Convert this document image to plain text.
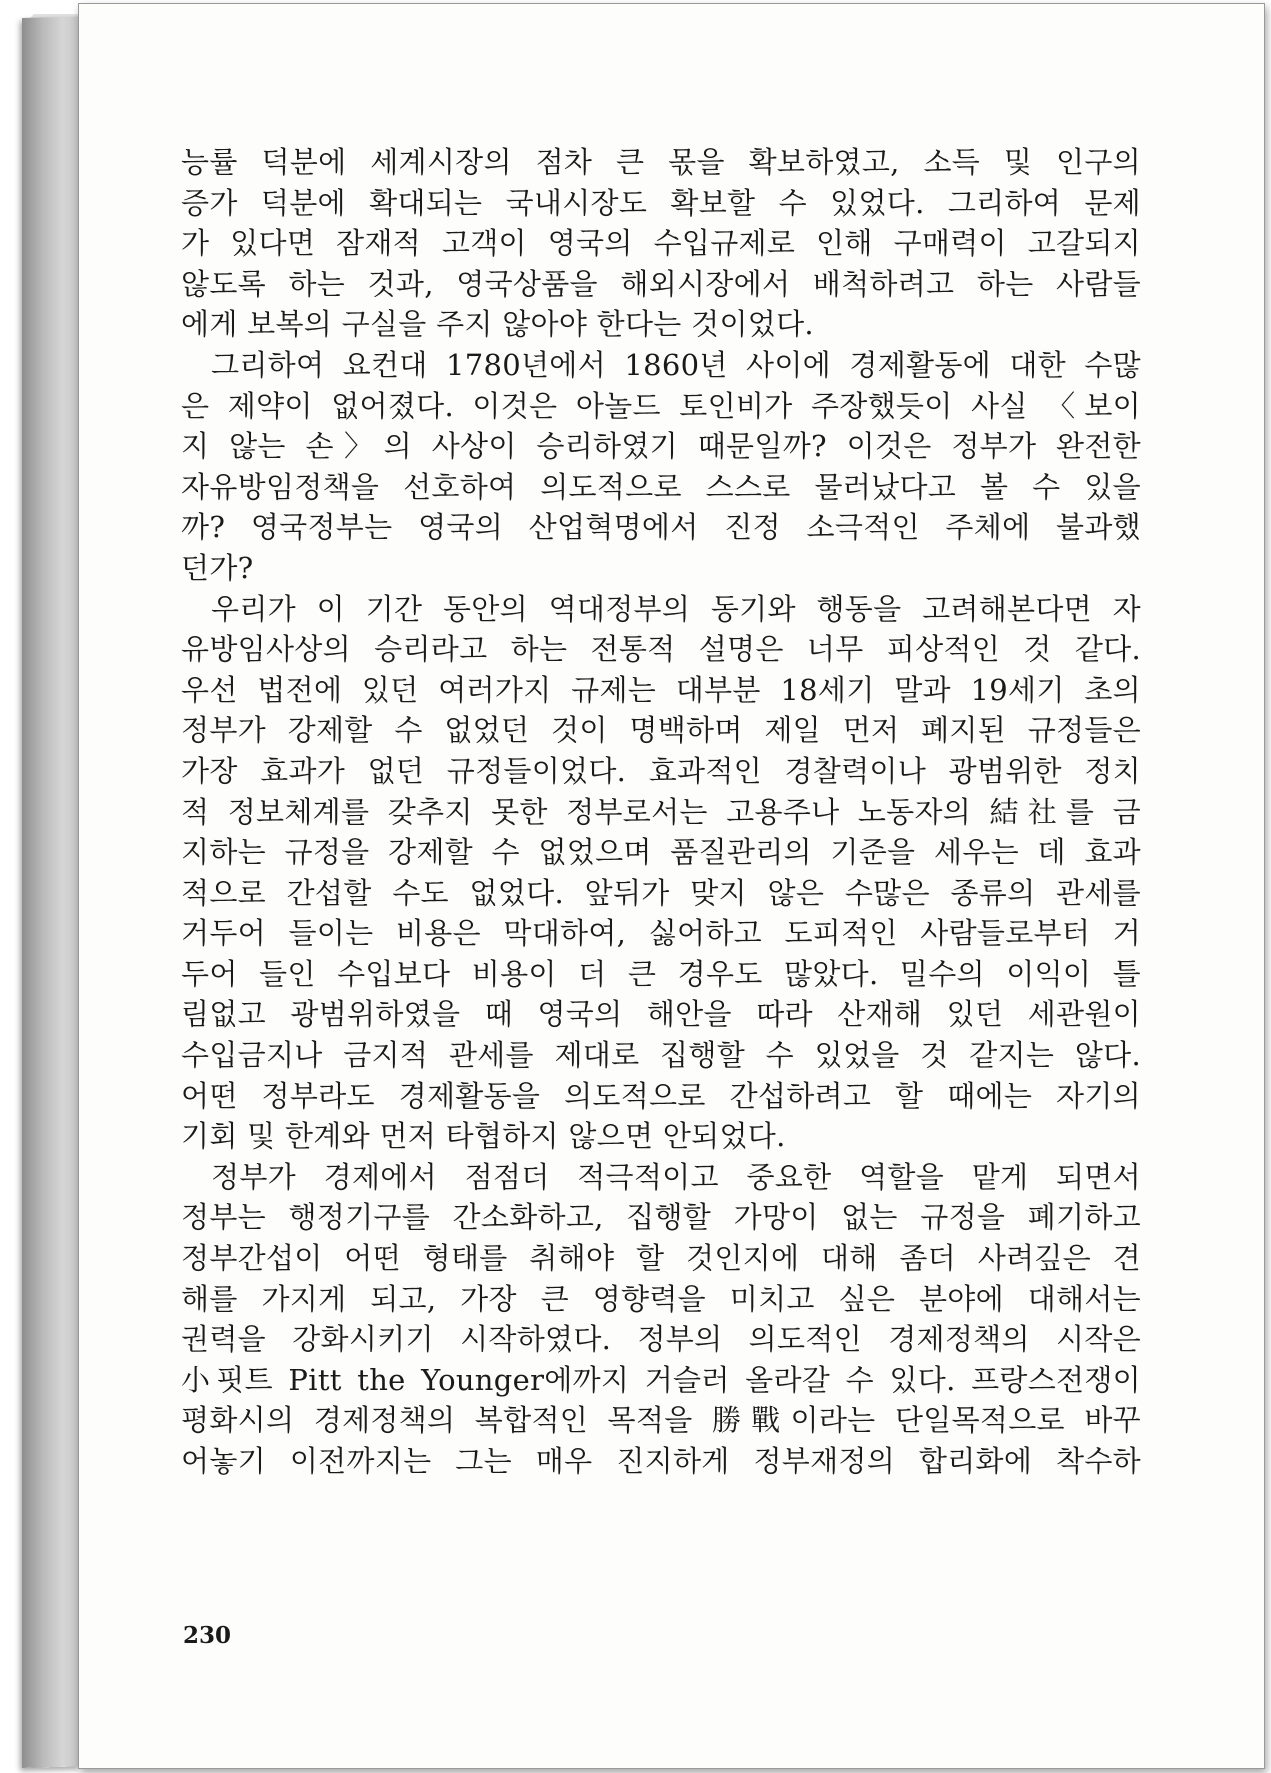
능률 덕분에 세계시장의 점차 큰 몫을 확보하였고, 소득 및 인구의
증가 덕분에 확대되는 국내시장도 확보할 수 있었다. 그리하여 문제
가 있다면 잠재적 고객이 영국의 수입규제로 인해 구매력이 고갈되지
않도록 하는 것과, 영국상품을 해외시장에서 배척하려고 하는 사람들
에게 보복의 구실을 주지 않아야 한다는 것이었다.
그리하여 요컨대 1780년에서 1860년 사이에 경제활동에 대한 수많
은 제약이 없어졌다. 이것은 아놀드 토인비가 주장했듯이 사실 〈보이
지 않는 손〉의 사상이 승리하였기 때문일까? 이것은 정부가 완전한
자유방임정책을 선호하여 의도적으로 스스로 물러났다고 볼 수 있을
까? 영국정부는 영국의 산업혁명에서 진정 소극적인 주체에 불과했
던가?
우리가 이 기간 동안의 역대정부의 동기와 행동을 고려해본다면 자
유방임사상의 승리라고 하는 전통적 설명은 너무 피상적인 것 같다.
우선 법전에 있던 여러가지 규제는 대부분 18세기 말과 19세기 초의
정부가 강제할 수 없었던 것이 명백하며 제일 먼저 폐지된 규정들은
가장 효과가 없던 규정들이었다. 효과적인 경찰력이나 광범위한 정치
적 정보체계를 갖추지 못한 정부로서는 고용주나 노동자의 結社를 금
지하는 규정을 강제할 수 없었으며 품질관리의 기준을 세우는 데 효과
적으로 간섭할 수도 없었다. 앞뒤가 맞지 않은 수많은 종류의 관세를
거두어 들이는 비용은 막대하여, 싫어하고 도피적인 사람들로부터 거
두어 들인 수입보다 비용이 더 큰 경우도 많았다. 밀수의 이익이 틀
림없고 광범위하였을 때 영국의 해안을 따라 산재해 있던 세관원이
수입금지나 금지적 관세를 제대로 집행할 수 있었을 것 같지는 않다.
어떤 정부라도 경제활동을 의도적으로 간섭하려고 할 때에는 자기의
기회 및 한계와 먼저 타협하지 않으면 안되었다.
정부가 경제에서 점점더 적극적이고 중요한 역할을 맡게 되면서
정부는 행정기구를 간소화하고, 집행할 가망이 없는 규정을 폐기하고
정부간섭이 어떤 형태를 취해야 할 것인지에 대해 좀더 사려깊은 견
해를 가지게 되고, 가장 큰 영향력을 미치고 싶은 분야에 대해서는
권력을 강화시키기 시작하였다. 정부의 의도적인 경제정책의 시작은
小핏트 Pitt the Younger에까지 거슬러 올라갈 수 있다. 프랑스전쟁이
평화시의 경제정책의 복합적인 목적을 勝戰이라는 단일목적으로 바꾸
어놓기 이전까지는 그는 매우 진지하게 정부재정의 합리화에 착수하
230
